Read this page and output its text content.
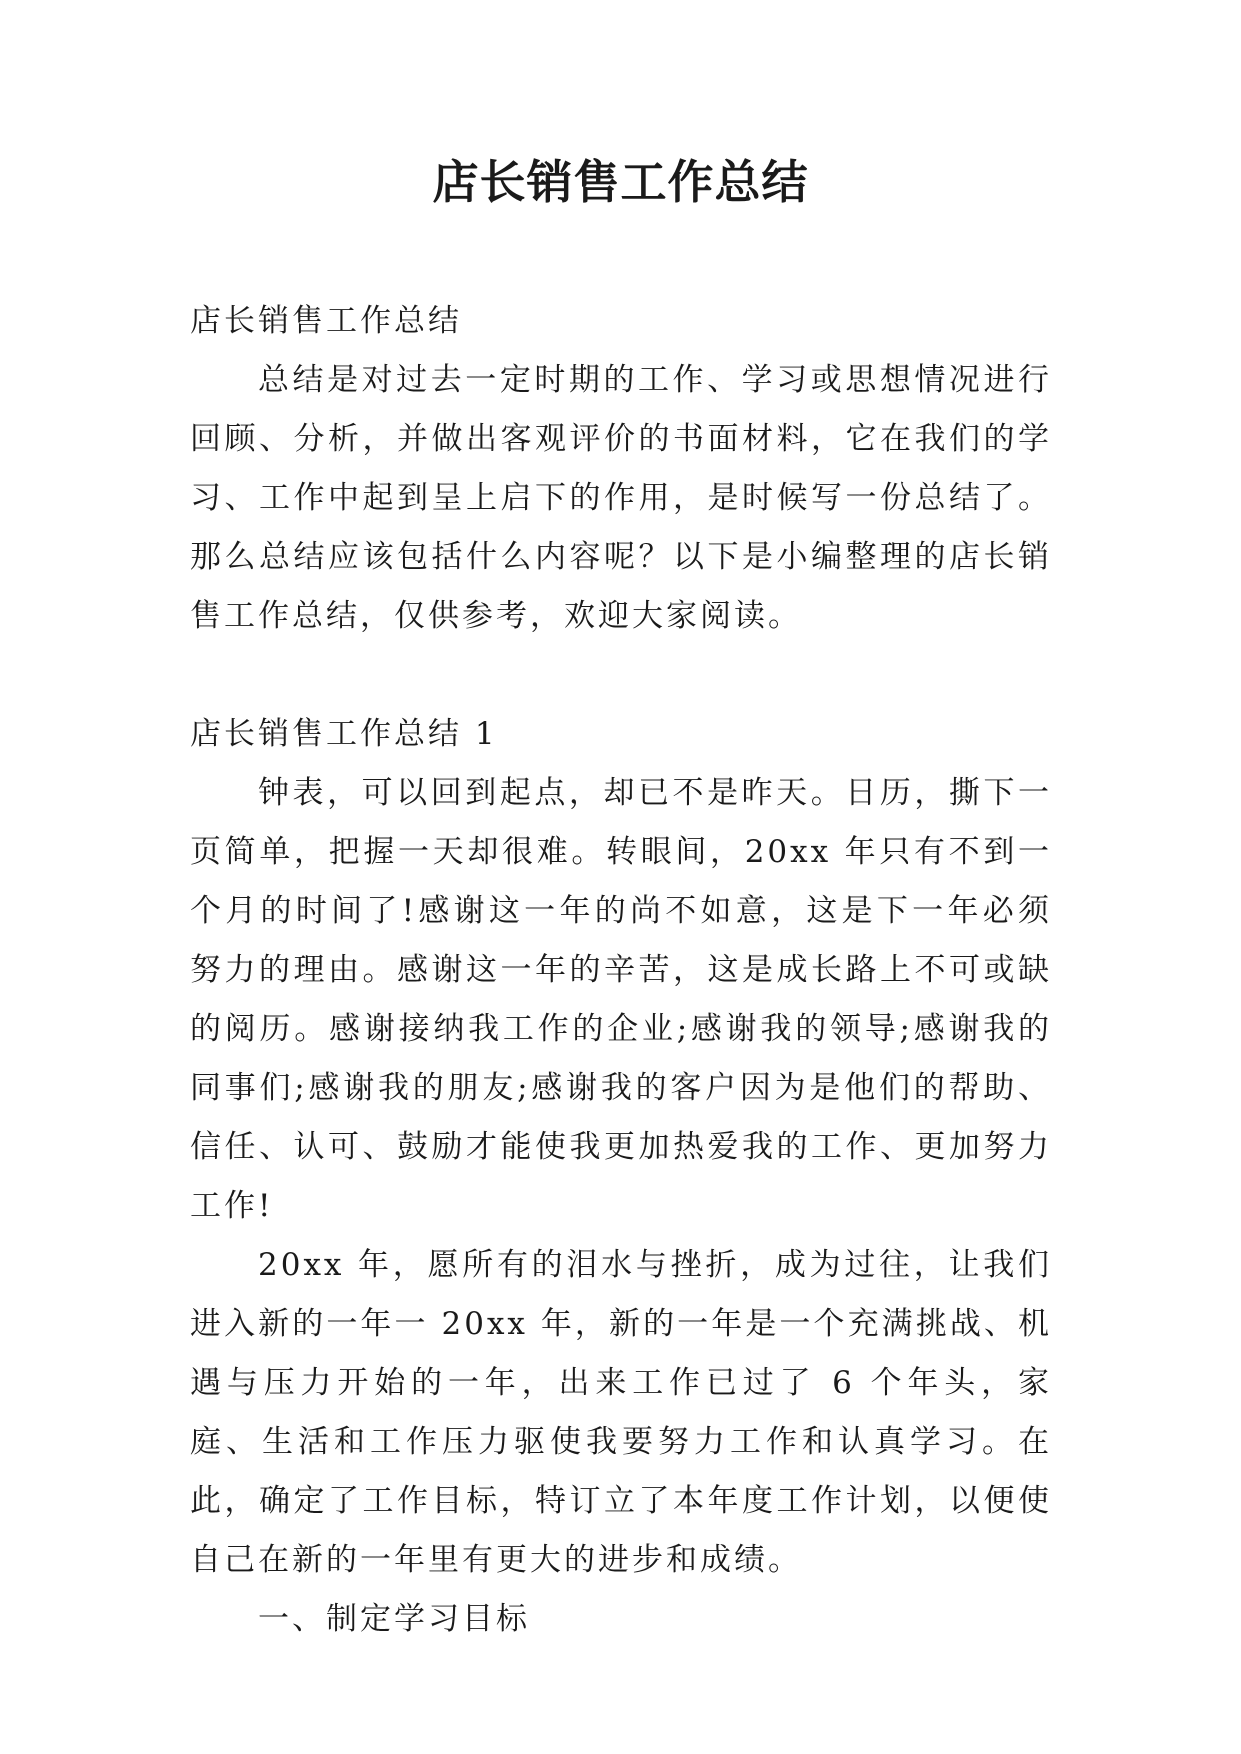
店长销售工作总结

店长销售工作总结

总结是对过去一定时期的工作、学习或思想情况进行回顾、分析，并做出客观评价的书面材料，它在我们的学习、工作中起到呈上启下的作用，是时候写一份总结了。那么总结应该包括什么内容呢？以下是小编整理的店长销售工作总结，仅供参考，欢迎大家阅读。

店长销售工作总结 1

钟表，可以回到起点，却已不是昨天。日历，撕下一页简单，把握一天却很难。转眼间，20xx 年只有不到一个月的时间了!感谢这一年的尚不如意，这是下一年必须努力的理由。感谢这一年的辛苦，这是成长路上不可或缺的阅历。感谢接纳我工作的企业;感谢我的领导;感谢我的同事们;感谢我的朋友;感谢我的客户因为是他们的帮助、信任、认可、鼓励才能使我更加热爱我的工作、更加努力工作!

20xx 年，愿所有的泪水与挫折，成为过往，让我们进入新的一年一 20xx 年，新的一年是一个充满挑战、机遇与压力开始的一年，出来工作已过了 6 个年头，家庭、生活和工作压力驱使我要努力工作和认真学习。在此，确定了工作目标，特订立了本年度工作计划，以便使自己在新的一年里有更大的进步和成绩。

一、制定学习目标
